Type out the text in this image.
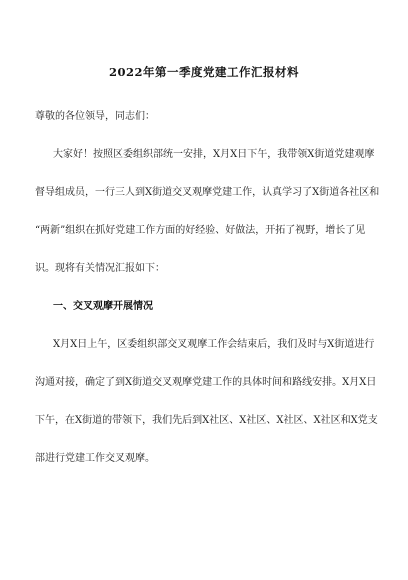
2022年第一季度党建工作汇报材料
尊敬的各位领导，同志们：
大家好！按照区委组织部统一安排，X月X日下午，我带领X街道党建观摩
督导组成员，一行三人到X街道交叉观摩党建工作，认真学习了X街道各社区和
“两新”组织在抓好党建工作方面的好经验、好做法，开拓了视野，增长了见
识。现将有关情况汇报如下：
一、交叉观摩开展情况
X月X日上午，区委组织部交叉观摩工作会结束后，我们及时与X街道进行
沟通对接，确定了到X街道交叉观摩党建工作的具体时间和路线安排。X月X日
下午，在X街道的带领下，我们先后到X社区、X社区、X社区、X社区和X党支
部进行党建工作交叉观摩。
